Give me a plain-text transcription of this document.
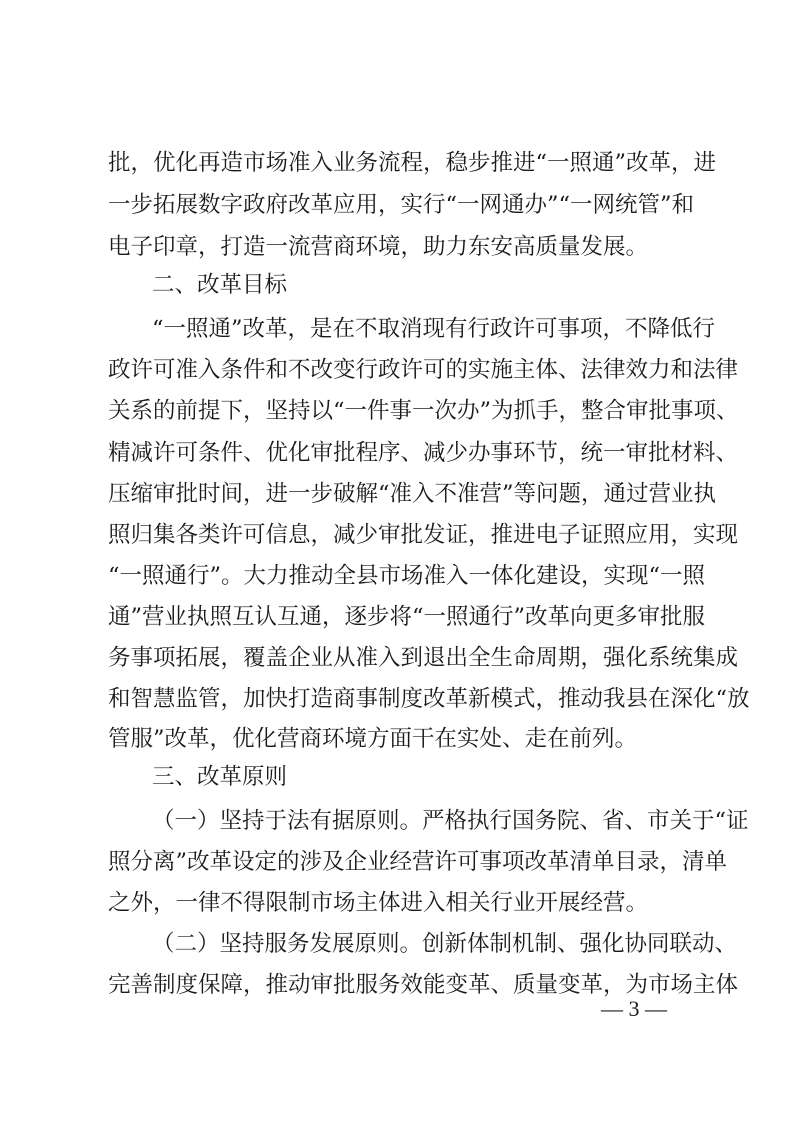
批，优化再造市场准入业务流程，稳步推进“一照通”改革，进
一步拓展数字政府改革应用，实行“一网通办”“一网统管”和
电子印章，打造一流营商环境，助力东安高质量发展。
二、改革目标
“一照通”改革，是在不取消现有行政许可事项，不降低行
政许可准入条件和不改变行政许可的实施主体、法律效力和法律
关系的前提下，坚持以“一件事一次办”为抓手，整合审批事项、
精减许可条件、优化审批程序、减少办事环节，统一审批材料、
压缩审批时间，进一步破解“准入不准营”等问题，通过营业执
照归集各类许可信息，减少审批发证，推进电子证照应用，实现
“一照通行”。大力推动全县市场准入一体化建设，实现“一照
通”营业执照互认互通，逐步将“一照通行”改革向更多审批服
务事项拓展，覆盖企业从准入到退出全生命周期，强化系统集成
和智慧监管，加快打造商事制度改革新模式，推动我县在深化“放
管服”改革，优化营商环境方面干在实处、走在前列。
三、改革原则
（一）坚持于法有据原则。严格执行国务院、省、市关于“证
照分离”改革设定的涉及企业经营许可事项改革清单目录，清单
之外，一律不得限制市场主体进入相关行业开展经营。
（二）坚持服务发展原则。创新体制机制、强化协同联动、
完善制度保障，推动审批服务效能变革、质量变革，为市场主体
— 3 —
